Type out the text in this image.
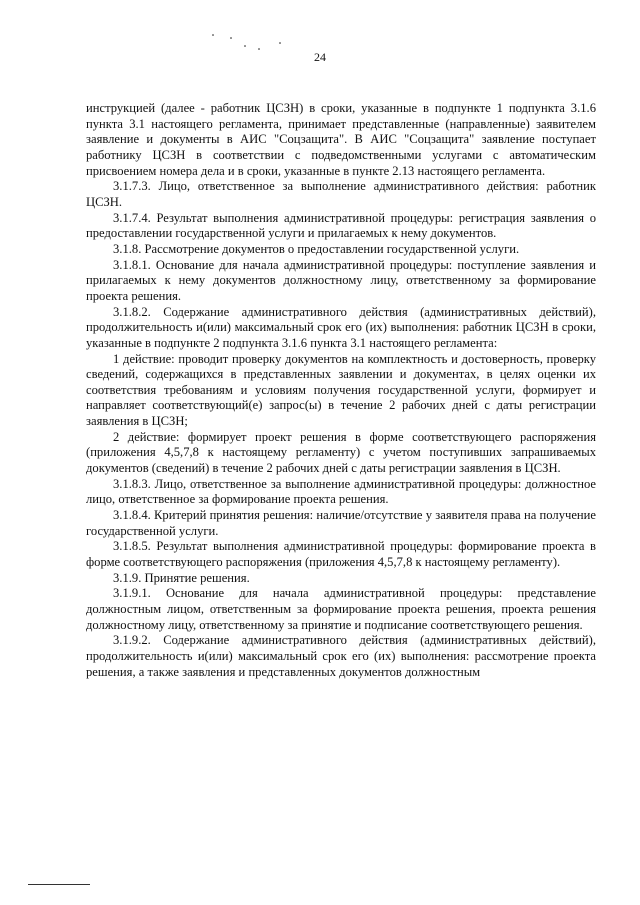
24

инструкцией (далее - работник ЦСЗН) в сроки, указанные в подпункте 1 подпункта 3.1.6 пункта 3.1 настоящего регламента, принимает представленные (направленные) заявителем заявление и документы в АИС "Соцзащита". В АИС "Соцзащита" заявление поступает работнику ЦСЗН в соответствии с подведомственными услугами с автоматическим присвоением номера дела и в сроки, указанные в пункте 2.13 настоящего регламента.

3.1.7.3. Лицо, ответственное за выполнение административного действия: работник ЦСЗН.

3.1.7.4. Результат выполнения административной процедуры: регистрация заявления о предоставлении государственной услуги и прилагаемых к нему документов.

3.1.8. Рассмотрение документов о предоставлении государственной услуги.

3.1.8.1. Основание для начала административной процедуры: поступление заявления и прилагаемых к нему документов должностному лицу, ответственному за формирование проекта решения.

3.1.8.2. Содержание административного действия (административных действий), продолжительность и(или) максимальный срок его (их) выполнения: работник ЦСЗН в сроки, указанные в подпункте 2 подпункта 3.1.6 пункта 3.1 настоящего регламента:

1 действие: проводит проверку документов на комплектность и достоверность, проверку сведений, содержащихся в представленных заявлении и документах, в целях оценки их соответствия требованиям и условиям получения государственной услуги, формирует и направляет соответствующий(е) запрос(ы) в течение 2 рабочих дней с даты регистрации заявления в ЦСЗН;

2 действие: формирует проект решения в форме соответствующего распоряжения (приложения 4,5,7,8 к настоящему регламенту) с учетом поступивших запрашиваемых документов (сведений) в течение 2 рабочих дней с даты регистрации заявления в ЦСЗН.

3.1.8.3. Лицо, ответственное за выполнение административной процедуры: должностное лицо, ответственное за формирование проекта решения.

3.1.8.4. Критерий принятия решения: наличие/отсутствие у заявителя права на получение государственной услуги.

3.1.8.5. Результат выполнения административной процедуры: формирование проекта в форме соответствующего распоряжения (приложения 4,5,7,8 к настоящему регламенту).

3.1.9. Принятие решения.

3.1.9.1. Основание для начала административной процедуры: представление должностным лицом, ответственным за формирование проекта решения, проекта решения должностному лицу, ответственному за принятие и подписание соответствующего решения.

3.1.9.2. Содержание административного действия (административных действий), продолжительность и(или) максимальный срок его (их) выполнения: рассмотрение проекта решения, а также заявления и представленных документов должностным
